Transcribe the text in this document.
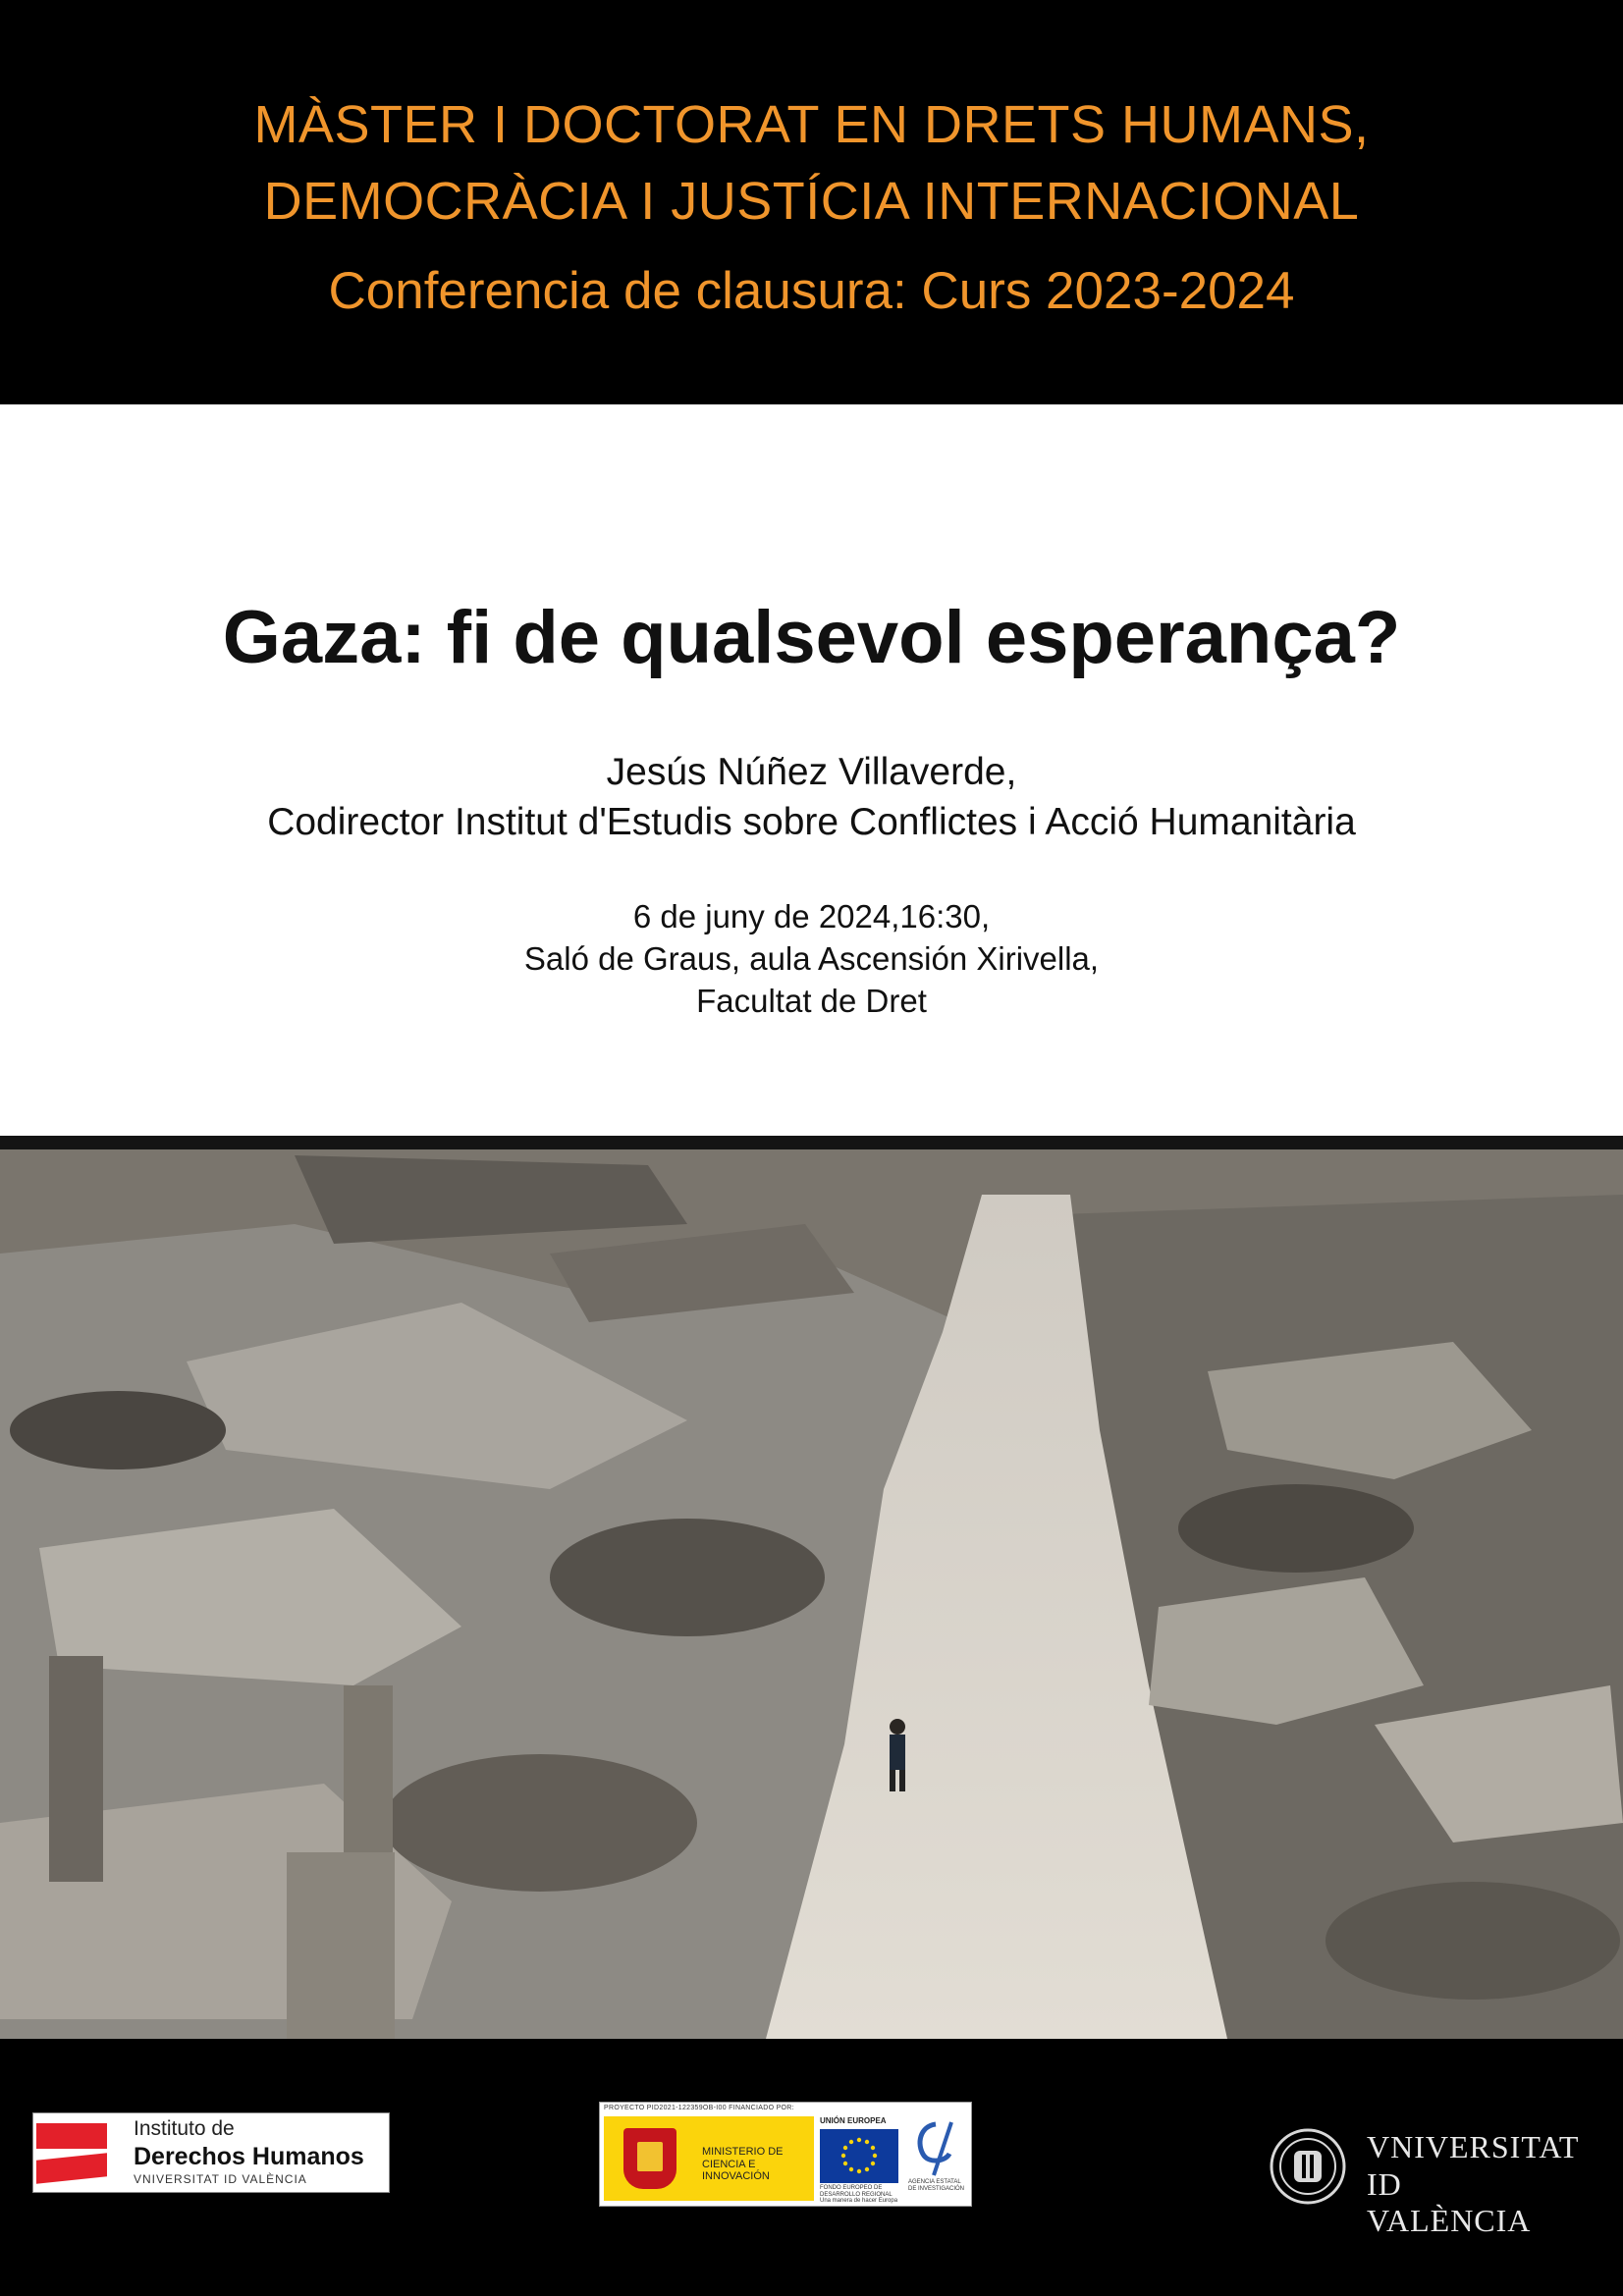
MÀSTER I DOCTORAT EN DRETS HUMANS,
DEMOCRÀCIA I JUSTÍCIA INTERNACIONAL
Conferencia de clausura: Curs 2023-2024
Gaza: fi de qualsevol esperança?
Jesús Núñez Villaverde,
Codirector Institut d'Estudis sobre Conflictes i Acció Humanitària
6 de juny de 2024,16:30,
Saló de Graus, aula Ascensión Xirivella,
Facultat de Dret
Instituto de
Derechos Humanos
VNIVERSITAT ID VALÈNCIA
PROYECTO PID2021-122359OB-I00 FINANCIADO POR:
MINISTERIO DE CIENCIA E INNOVACIÓN
UNIÓN EUROPEA
FONDO EUROPEO DE DESARROLLO REGIONAL
Una manera de hacer Europa
AGENCIA ESTATAL DE INVESTIGACIÓN
VNIVERSITAT
ID VALÈNCIA
